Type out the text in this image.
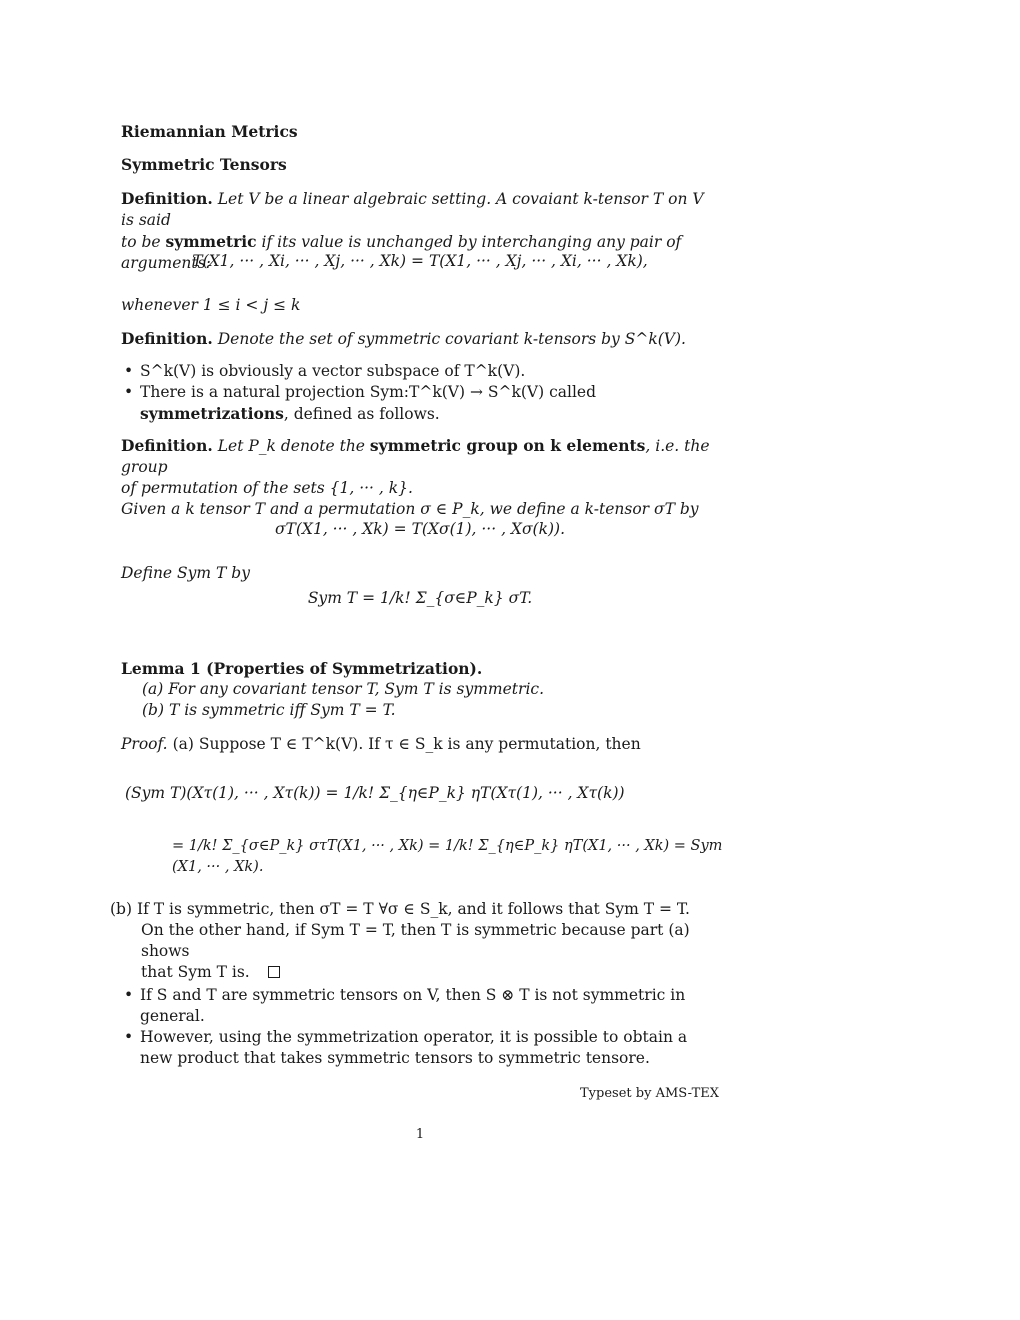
Riemannian Metrics
Symmetric Tensors
Definition. Let V be a linear algebraic setting. A covaiant k-tensor T on V is said
to be symmetric if its value is unchanged by interchanging any pair of arguments:
T(X1, ··· , Xi, ··· , Xj, ··· , Xk) = T(X1, ··· , Xj, ··· , Xi, ··· , Xk),
whenever 1 ≤ i < j ≤ k
Definition. Denote the set of symmetric covariant k-tensors by S^k(V).
• S^k(V) is obviously a vector subspace of T^k(V).
• There is a natural projection Sym:T^k(V) → S^k(V) called symmetrizations, defined as follows.
Definition. Let P_k denote the symmetric group on k elements, i.e. the group
of permutation of the sets {1, ··· , k}.
Given a k tensor T and a permutation σ ∈ P_k, we define a k-tensor σT by
σT(X1, ··· , Xk) = T(Xσ(1), ··· , Xσ(k)).
Define Sym T by
Sym T = 1/k! Σ_{σ∈P_k} σT.
Lemma 1 (Properties of Symmetrization).
(a) For any covariant tensor T, Sym T is symmetric.
(b) T is symmetric iff Sym T = T.
Proof. (a) Suppose T ∈ T^k(V). If τ ∈ S_k is any permutation, then
(Sym T)(Xτ(1), ··· , Xτ(k)) = 1/k! Σ_{η∈P_k} ηT(Xτ(1), ··· , Xτ(k))
= 1/k! Σ_{σ∈P_k} στT(X1, ··· , Xk) = 1/k! Σ_{η∈P_k} ηT(X1, ··· , Xk) = Sym (X1, ··· , Xk).
(b) If T is symmetric, then σT = T ∀σ ∈ S_k, and it follows that Sym T = T.
On the other hand, if Sym T = T, then T is symmetric because part (a) shows
that Sym T is.
• If S and T are symmetric tensors on V, then S ⊗ T is not symmetric in general.
• However, using the symmetrization operator, it is possible to obtain a new product that takes symmetric tensors to symmetric tensore.
Typeset by AMS-TEX
1
